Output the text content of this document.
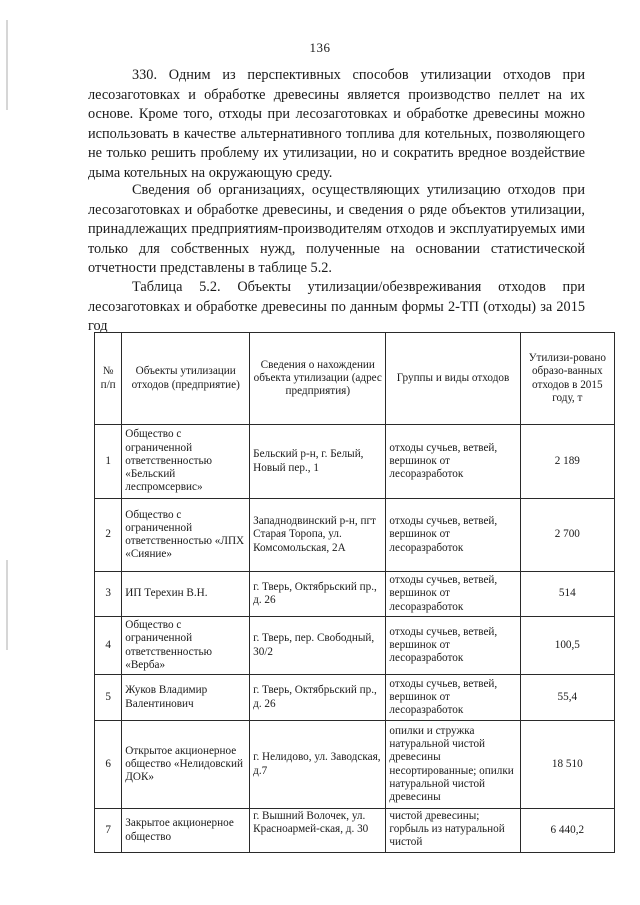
136

330. Одним из перспективных способов утилизации отходов при лесозаготовках и обработке древесины является производство пеллет на их основе. Кроме того, отходы при лесозаготовках и обработке древесины можно использовать в качестве альтернативного топлива для котельных, позволяющего не только решить проблему их утилизации, но и сократить вредное воздействие дыма котельных на окружающую среду.

Сведения об организациях, осуществляющих утилизацию отходов при лесозаготовках и обработке древесины, и сведения о ряде объектов утилизации, принадлежащих предприятиям-производителям отходов и эксплуатируемых ими только для собственных нужд, полученные на основании статистической отчетности представлены в таблице 5.2.

Таблица 5.2. Объекты утилизации/обезвреживания отходов при лесозаготовках и обработке древесины по данным формы 2-ТП (отходы) за 2015 год

№ п/п	Объекты утилизации отходов (предприятие)	Сведения о нахождении объекта утилизации (адрес предприятия)	Группы и виды отходов	Утилизи-ровано образо-ванных отходов в 2015 году, т
1	Общество с ограниченной ответственностью «Бельский леспромсервис»	Бельский р-н, г. Белый, Новый пер., 1	отходы сучьев, ветвей, вершинок от лесоразработок	2 189
2	Общество с ограниченной ответственностью «ЛПХ «Сияние»	Западнодвинский р-н, пгт Старая Торопа, ул. Комсомольская, 2А	отходы сучьев, ветвей, вершинок от лесоразработок	2 700
3	ИП Терехин В.Н.	г. Тверь, Октябрьский пр., д. 26	отходы сучьев, ветвей, вершинок от лесоразработок	514
4	Общество с ограниченной ответственностью «Верба»	г. Тверь, пер. Свободный, 30/2	отходы сучьев, ветвей, вершинок от лесоразработок	100,5
5	Жуков Владимир Валентинович	г. Тверь, Октябрьский пр., д. 26	отходы сучьев, ветвей, вершинок от лесоразработок	55,4
6	Открытое акционерное общество «Нелидовский ДОК»	г. Нелидово, ул. Заводская, д.7	опилки и стружка натуральной чистой древесины несортированные; опилки натуральной чистой древесины	18 510
7	Закрытое акционерное общество	г. Вышний Волочек, ул. Красноармей-ская, д. 30	чистой древесины; горбыль из натуральной чистой	6 440,2
